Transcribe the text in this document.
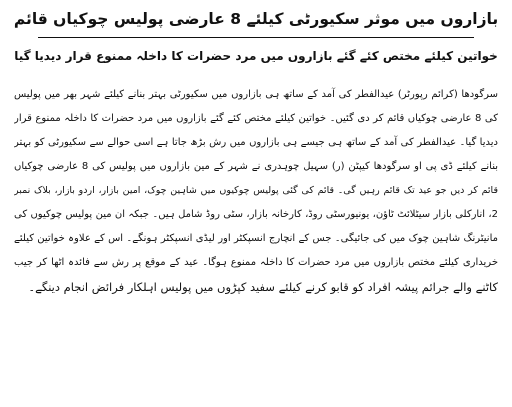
بازاروں میں موثر سکیورٹی کیلئے 8 عارضی پولیس چوکیاں قائم
خواتین کیلئے مختص کئے گئے بازاروں میں مرد حضرات کا داخلہ ممنوع قرار دیدیا گیا
سرگودھا (کرائم رپورٹر) عیدالفطر کی آمد کے ساتھ ہی بازاروں میں سکیورٹی بہتر بنانے کیلئے شہر بھر میں پولیس
کی 8 عارضی چوکیاں قائم کر دی گئیں۔ خواتین کیلئے مختص کئے گئے بازاروں میں مرد حضرات کا داخلہ ممنوع قرار
دیدیا گیا۔ عیدالفطر کی آمد کے ساتھ ہی جیسے ہی بازاروں میں رش بڑھ جاتا ہے اسی حوالے سے سکیورٹی کو بہتر
بنانے کیلئے ڈی پی او سرگودھا کیپٹن (ر) سہیل چوہدری نے شہر کے مین بازاروں میں پولیس کی 8 عارضی چوکیاں
قائم کر دیں جو عید تک قائم رہیں گی۔ قائم کی گئی پولیس چوکیوں میں شاہین چوک، امین بازار، اردو بازار، بلاک نمبر
2، انارکلی بازار سیٹلائٹ ٹاؤن، یونیورسٹی روڈ، کارخانہ بازار، سٹی روڈ شامل ہیں۔ جبکہ ان مین پولیس چوکیوں کی
مانیٹرنگ شاہین چوک میں کی جائیگی۔ جس کے انچارج انسپکٹر اور لیڈی انسپکٹر ہونگے۔ اس کے علاوہ خواتین کیلئے
خریداری کیلئے مختص بازاروں میں مرد حضرات کا داخلہ ممنوع ہوگا۔ عید کے موقع پر رش سے فائدہ اٹھا کر جیب
کاٹنے والے جرائم پیشہ افراد کو قابو کرنے کیلئے سفید کپڑوں میں پولیس اہلکار فرائض انجام دینگے۔
